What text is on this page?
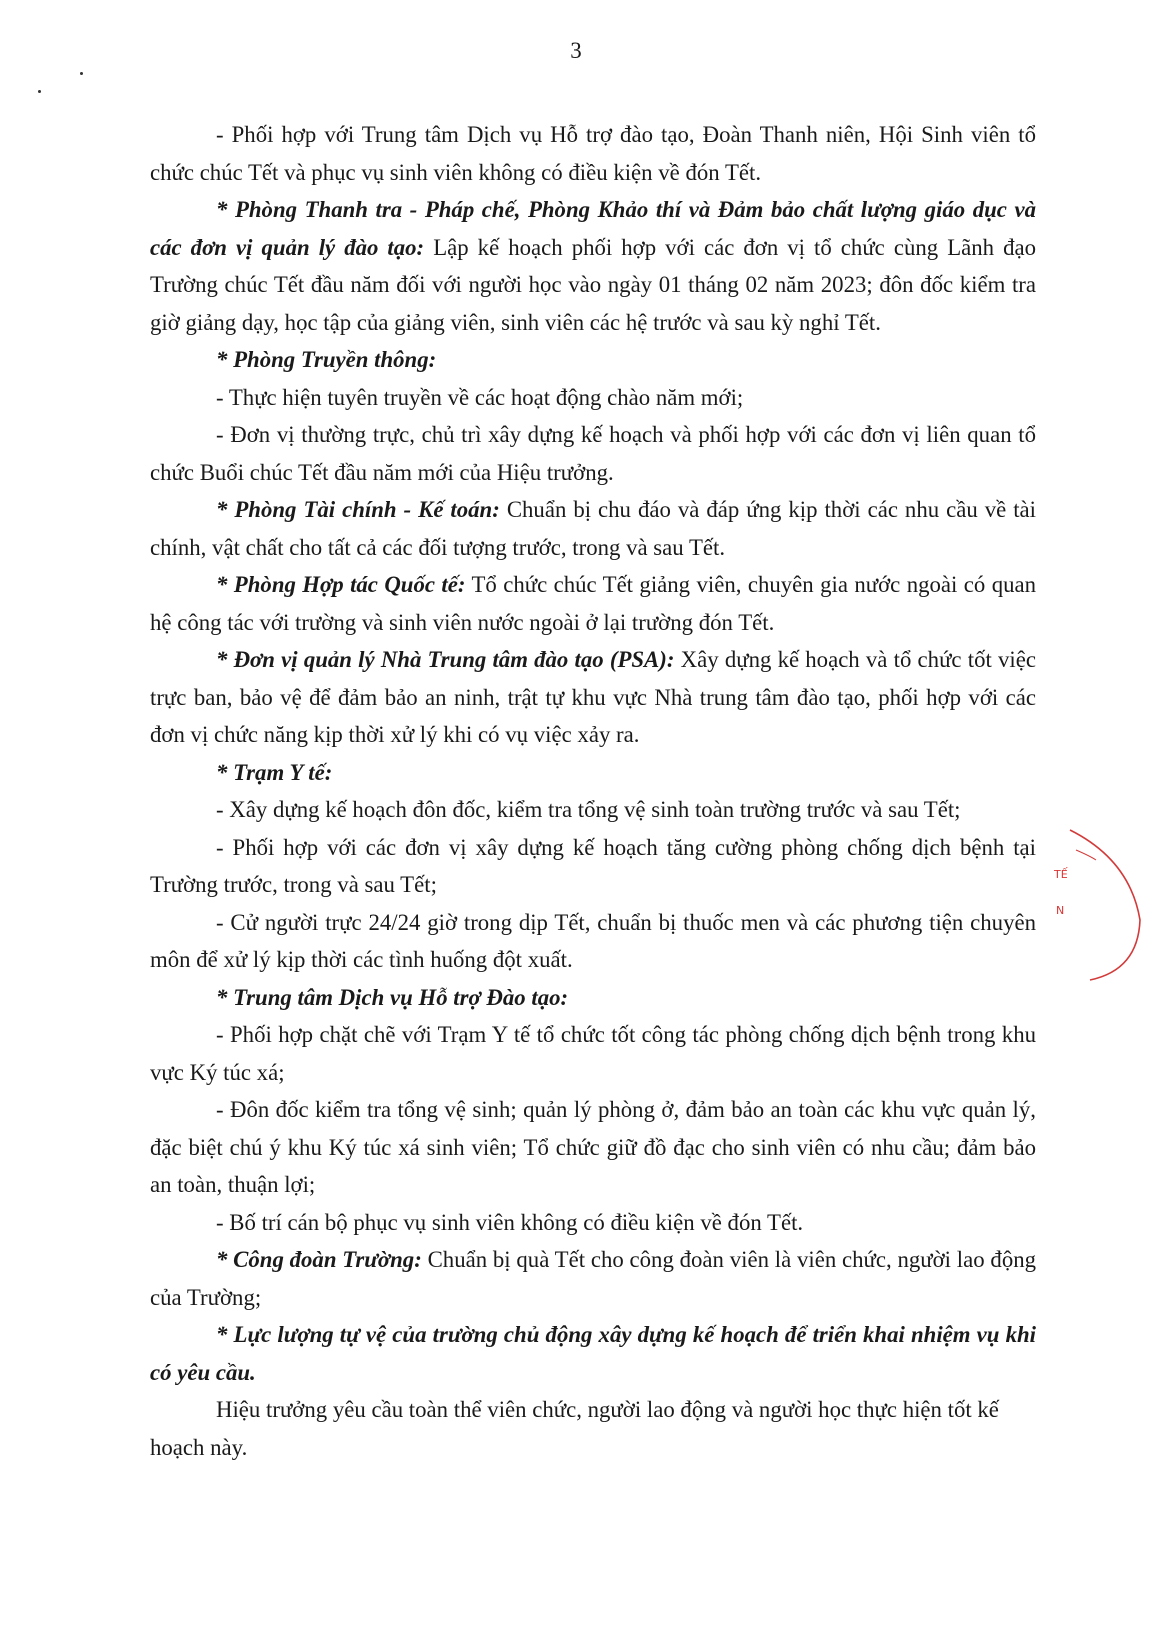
3

- Phối hợp với Trung tâm Dịch vụ Hỗ trợ đào tạo, Đoàn Thanh niên, Hội Sinh viên tổ chức chúc Tết và phục vụ sinh viên không có điều kiện về đón Tết.

* Phòng Thanh tra - Pháp chế, Phòng Khảo thí và Đảm bảo chất lượng giáo dục và các đơn vị quản lý đào tạo: Lập kế hoạch phối hợp với các đơn vị tổ chức cùng Lãnh đạo Trường chúc Tết đầu năm đối với người học vào ngày 01 tháng 02 năm 2023; đôn đốc kiểm tra giờ giảng dạy, học tập của giảng viên, sinh viên các hệ trước và sau kỳ nghỉ Tết.

* Phòng Truyền thông:

- Thực hiện tuyên truyền về các hoạt động chào năm mới;

- Đơn vị thường trực, chủ trì xây dựng kế hoạch và phối hợp với các đơn vị liên quan tổ chức Buổi chúc Tết đầu năm mới của Hiệu trưởng.

* Phòng Tài chính - Kế toán: Chuẩn bị chu đáo và đáp ứng kịp thời các nhu cầu về tài chính, vật chất cho tất cả các đối tượng trước, trong và sau Tết.

* Phòng Hợp tác Quốc tế: Tổ chức chúc Tết giảng viên, chuyên gia nước ngoài có quan hệ công tác với trường và sinh viên nước ngoài ở lại trường đón Tết.

* Đơn vị quản lý Nhà Trung tâm đào tạo (PSA): Xây dựng kế hoạch và tổ chức tốt việc trực ban, bảo vệ để đảm bảo an ninh, trật tự khu vực Nhà trung tâm đào tạo, phối hợp với các đơn vị chức năng kịp thời xử lý khi có vụ việc xảy ra.

* Trạm Y tế:

- Xây dựng kế hoạch đôn đốc, kiểm tra tổng vệ sinh toàn trường trước và sau Tết;

- Phối hợp với các đơn vị xây dựng kế hoạch tăng cường phòng chống dịch bệnh tại Trường trước, trong và sau Tết;

- Cử người trực 24/24 giờ trong dịp Tết, chuẩn bị thuốc men và các phương tiện chuyên môn để xử lý kịp thời các tình huống đột xuất.

* Trung tâm Dịch vụ Hỗ trợ Đào tạo:

- Phối hợp chặt chẽ với Trạm Y tế tổ chức tốt công tác phòng chống dịch bệnh trong khu vực Ký túc xá;

- Đôn đốc kiểm tra tổng vệ sinh; quản lý phòng ở, đảm bảo an toàn các khu vực quản lý, đặc biệt chú ý khu Ký túc xá sinh viên; Tổ chức giữ đồ đạc cho sinh viên có nhu cầu; đảm bảo an toàn, thuận lợi;

- Bố trí cán bộ phục vụ sinh viên không có điều kiện về đón Tết.

* Công đoàn Trường: Chuẩn bị quà Tết cho công đoàn viên là viên chức, người lao động của Trường;

* Lực lượng tự vệ của trường chủ động xây dựng kế hoạch để triển khai nhiệm vụ khi có yêu cầu.

Hiệu trưởng yêu cầu toàn thể viên chức, người lao động và người học thực hiện tốt kế hoạch này.

TẾ
N
